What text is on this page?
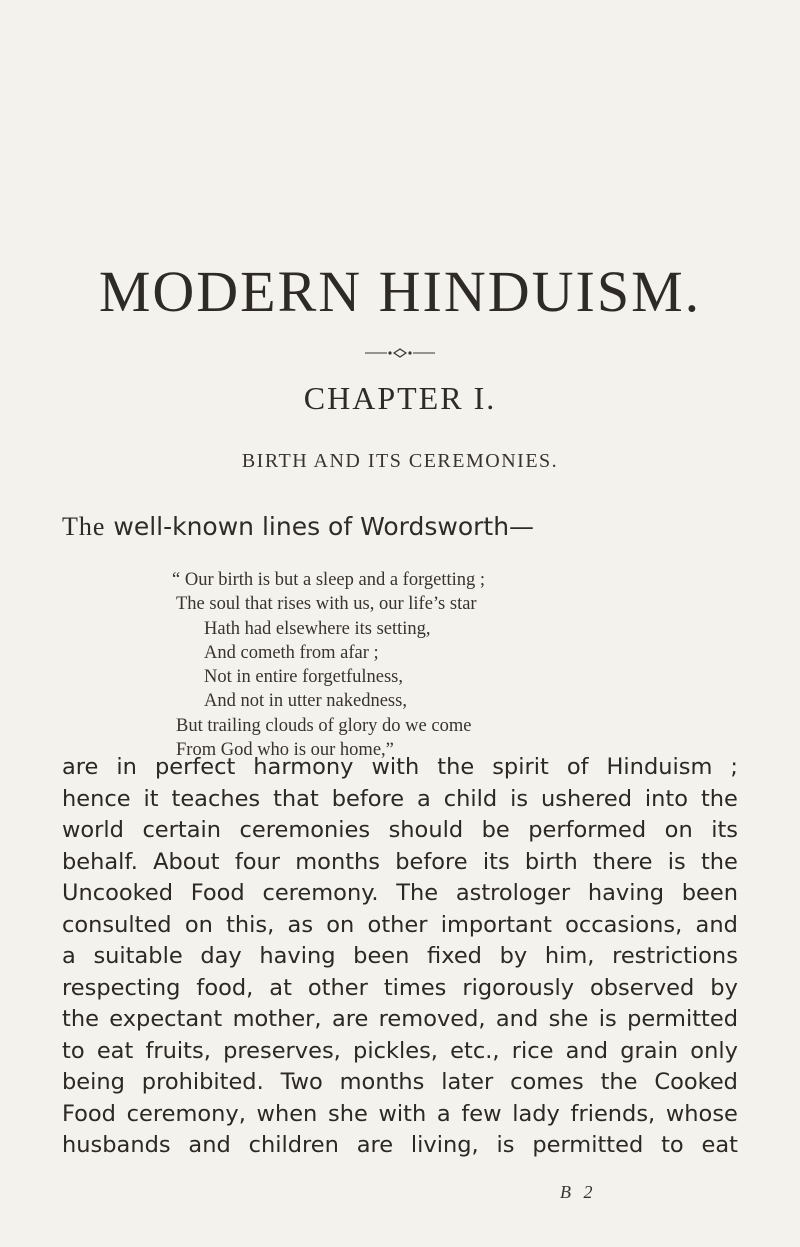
MODERN HINDUISM.
CHAPTER I.
BIRTH AND ITS CEREMONIES.
The well-known lines of Wordsworth—
“ Our birth is but a sleep and a forgetting ;
The soul that rises with us, our life’s star
Hath had elsewhere its setting,
And cometh from afar ;
Not in entire forgetfulness,
And not in utter nakedness,
But trailing clouds of glory do we come
From God who is our home,”
are in perfect harmony with the spirit of Hinduism ;
hence it teaches that before a child is ushered into the
world certain ceremonies should be performed on its
behalf. About four months before its birth there is the
Uncooked Food ceremony. The astrologer having been
consulted on this, as on other important occasions, and
a suitable day having been fixed by him, restrictions
respecting food, at other times rigorously observed by
the expectant mother, are removed, and she is permitted
to eat fruits, preserves, pickles, etc., rice and grain only
being prohibited. Two months later comes the Cooked
Food ceremony, when she with a few lady friends, whose
husbands and children are living, is permitted to eat
B 2
